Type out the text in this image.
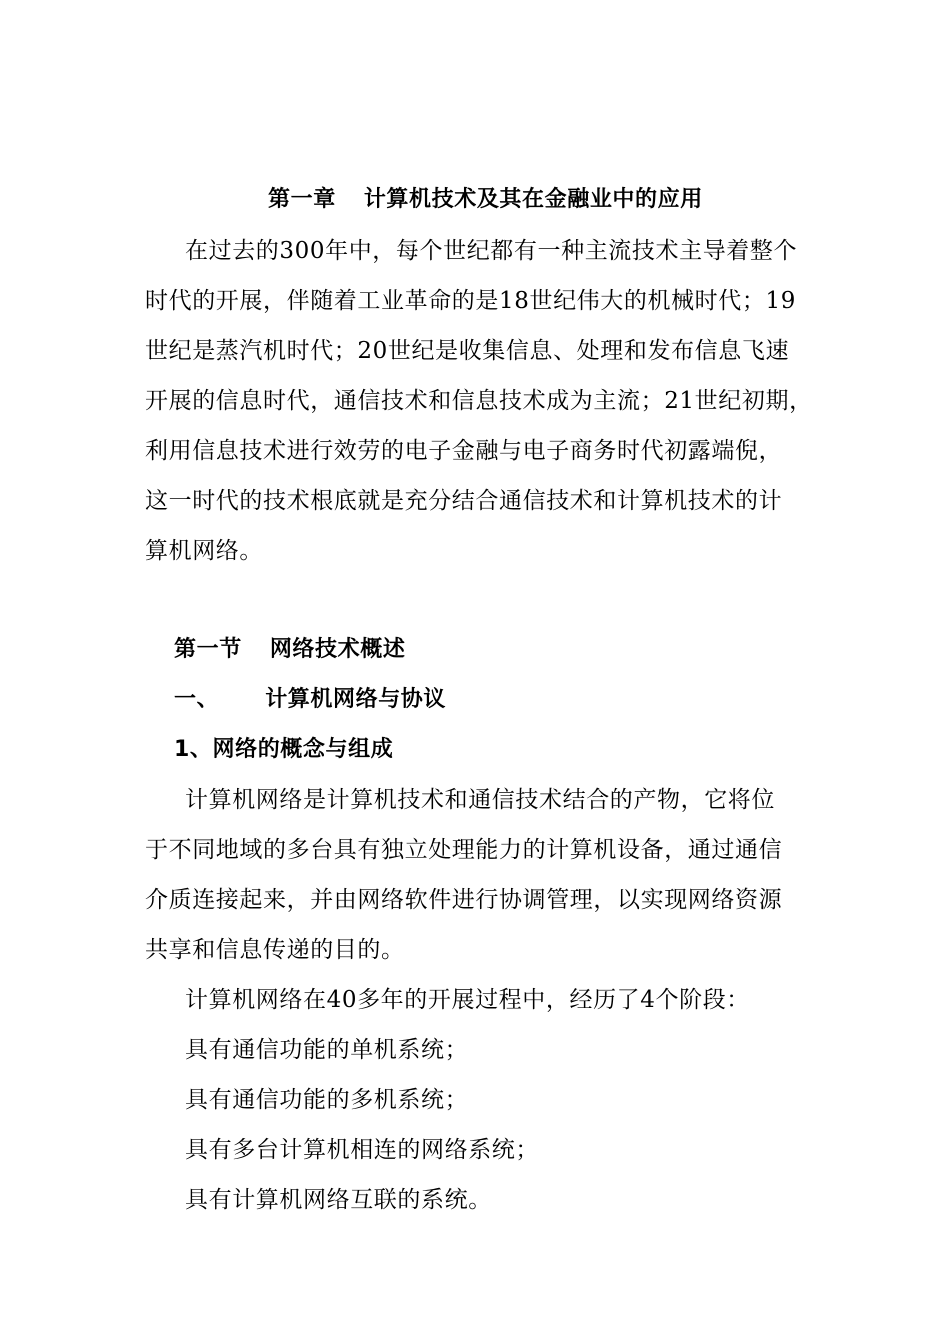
第一章 计算机技术及其在金融业中的应用
在过去的300年中，每个世纪都有一种主流技术主导着整个
时代的开展，伴随着工业革命的是18世纪伟大的机械时代；19
世纪是蒸汽机时代；20世纪是收集信息、处理和发布信息飞速
开展的信息时代，通信技术和信息技术成为主流；21世纪初期，
利用信息技术进行效劳的电子金融与电子商务时代初露端倪，
这一时代的技术根底就是充分结合通信技术和计算机技术的计
算机网络。
第一节 网络技术概述
一、 计算机网络与协议
1、网络的概念与组成
计算机网络是计算机技术和通信技术结合的产物，它将位
于不同地域的多台具有独立处理能力的计算机设备，通过通信
介质连接起来，并由网络软件进行协调管理，以实现网络资源
共享和信息传递的目的。
计算机网络在40多年的开展过程中，经历了4个阶段：
具有通信功能的单机系统；
具有通信功能的多机系统；
具有多台计算机相连的网络系统；
具有计算机网络互联的系统。
